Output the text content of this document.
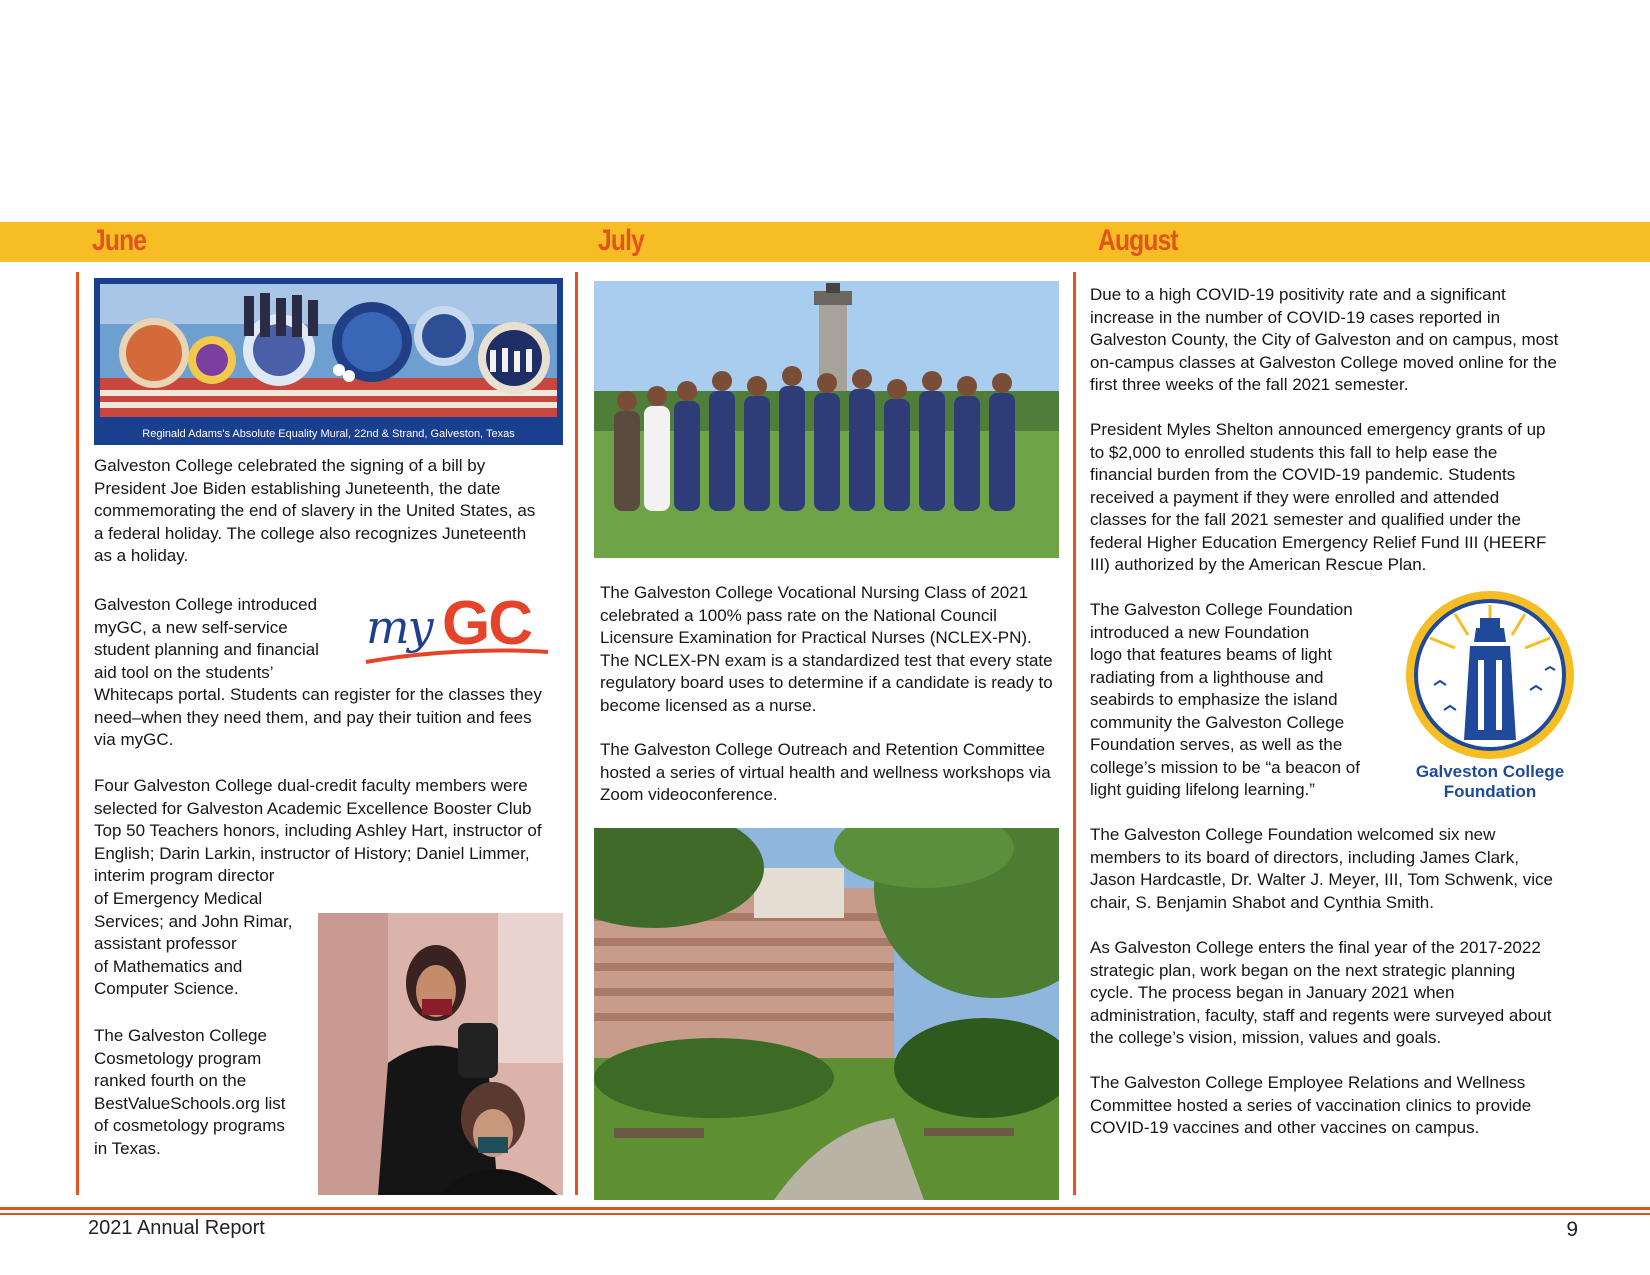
June	July	August
Reginald Adams's Absolute Equality Mural, 22nd & Strand, Galveston, Texas
Galveston College celebrated the signing of a bill by President Joe Biden establishing Juneteenth, the date commemorating the end of slavery in the United States, as a federal holiday. The college also recognizes Juneteenth as a holiday.
Galveston College introduced
myGC, a new self-service
student planning and financial
aid tool on the students’
my GC
Whitecaps portal. Students can register for the classes they need–when they need them, and pay their tuition and fees via myGC.
Four Galveston College dual-credit faculty members were selected for Galveston Academic Excellence Booster Club Top 50 Teachers honors, including Ashley Hart, instructor of English; Darin Larkin, instructor of History; Daniel Limmer, interim program director
of Emergency Medical
Services; and John Rimar,
assistant professor
of Mathematics and
Computer Science.
The Galveston College
Cosmetology program
ranked fourth on the
BestValueSchools.org list
of cosmetology programs
in Texas.
The Galveston College Vocational Nursing Class of 2021 celebrated a 100% pass rate on the National Council Licensure Examination for Practical Nurses (NCLEX-PN). The NCLEX-PN exam is a standardized test that every state regulatory board uses to determine if a candidate is ready to become licensed as a nurse.
The Galveston College Outreach and Retention Committee hosted a series of virtual health and wellness workshops via Zoom videoconference.
Due to a high COVID-19 positivity rate and a significant increase in the number of COVID-19 cases reported in Galveston County, the City of Galveston and on campus, most on-campus classes at Galveston College moved online for the first three weeks of the fall 2021 semester.
President Myles Shelton announced emergency grants of up to $2,000 to enrolled students this fall to help ease the financial burden from the COVID-19 pandemic. Students received a payment if they were enrolled and attended classes for the fall 2021 semester and qualified under the federal Higher Education Emergency Relief Fund III (HEERF III) authorized by the American Rescue Plan.
The Galveston College Foundation
introduced a new Foundation
logo that features beams of light
radiating from a lighthouse and
seabirds to emphasize the island
community the Galveston College
Foundation serves, as well as the
college’s mission to be “a beacon of
light guiding lifelong learning.”
Galveston College
Foundation
The Galveston College Foundation welcomed six new members to its board of directors, including James Clark, Jason Hardcastle, Dr. Walter J. Meyer, III, Tom Schwenk, vice chair, S. Benjamin Shabot and Cynthia Smith.
As Galveston College enters the final year of the 2017-2022 strategic plan, work began on the next strategic planning cycle. The process began in January 2021 when administration, faculty, staff and regents were surveyed about the college’s vision, mission, values and goals.
The Galveston College Employee Relations and Wellness Committee hosted a series of vaccination clinics to provide COVID-19 vaccines and other vaccines on campus.
2021 Annual Report	9
